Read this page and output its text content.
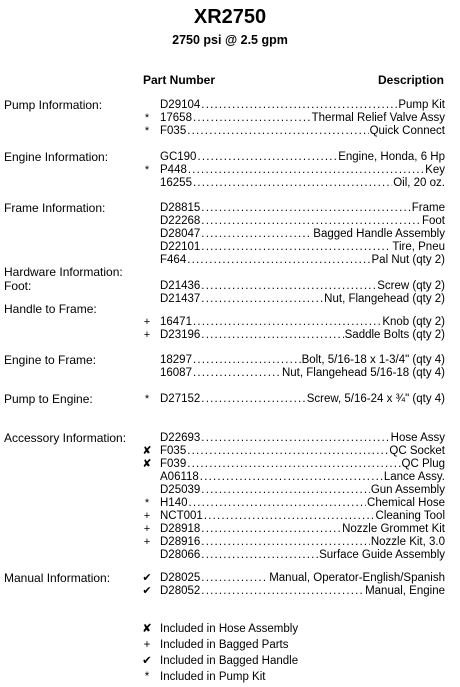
XR2750
2750 psi @ 2.5 gpm
Part Number	Description
Pump Information:	D29104 .....	Pump Kit
* 17658 .....	Thermal Relief Valve Assy
* F035 .....	Quick Connect
Engine Information:	GC190 .....	Engine, Honda, 6 Hp
* P448 .....	Key
16255 .....	Oil, 20 oz.
Frame Information:	D28815 .....	Frame
D22268 .....	Foot
D28047 .....	Bagged Handle Assembly
D22101 .....	Tire, Pneu
F464 .....	Pal Nut (qty 2)
Hardware Information:
Foot:	D21436 .....	Screw (qty 2)
D21437 .....	Nut, Flangehead (qty 2)
Handle to Frame:
+ 16471 .....	Knob (qty 2)
+ D23196 .....	Saddle Bolts (qty 2)
Engine to Frame:	18297 .....	Bolt, 5/16-18 x 1-3/4" (qty 4)
16087 .....	Nut, Flangehead 5/16-18 (qty 4)
Pump to Engine:	* D27152 .....	Screw, 5/16-24 x ¾" (qty 4)
Accessory Information:	D22693 .....	Hose Assy
✘ F035 .....	QC Socket
✘ F039 .....	QC Plug
A06118 .....	Lance Assy.
D25039 .....	Gun Assembly
* H140 .....	Chemical Hose
+ NCT001 .....	Cleaning Tool
+ D28918 .....	Nozzle Grommet Kit
+ D28916 .....	Nozzle Kit, 3.0
D28066 .....	Surface Guide Assembly
Manual Information:	✔ D28025 .....	Manual, Operator-English/Spanish
✔ D28052 .....	Manual, Engine
✘ Included in Hose Assembly
+ Included in Bagged Parts
✔ Included in Bagged Handle
* Included in Pump Kit
